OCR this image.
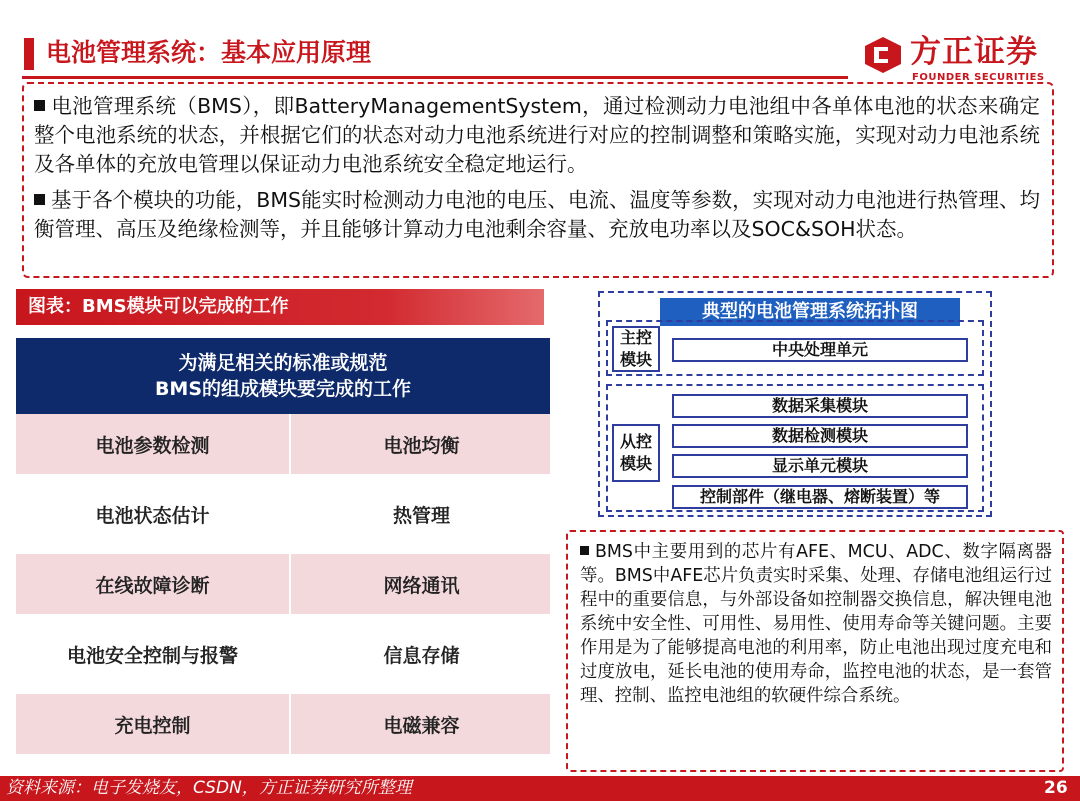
电池管理系统：基本应用原理	方正证券
FOUNDER SECURITIES

电池管理系统（BMS），即BatteryManagementSystem，通过检测动力电池组中各单体电池的状态来确定整个电池系统的状态，并根据它们的状态对动力电池系统进行对应的控制调整和策略实施，实现对动力电池系统及各单体的充放电管理以保证动力电池系统安全稳定地运行。

基于各个模块的功能，BMS能实时检测动力电池的电压、电流、温度等参数，实现对动力电池进行热管理、均衡管理、高压及绝缘检测等，并且能够计算动力电池剩余容量、充放电功率以及SOC&SOH状态。

图表：BMS模块可以完成的工作
为满足相关的标准或规范
BMS的组成模块要完成的工作
电池参数检测	电池均衡
电池状态估计	热管理
在线故障诊断	网络通讯
电池安全控制与报警	信息存储
充电控制	电磁兼容
典型的电池管理系统拓扑图
主控模块
中央处理单元
从控模块
数据采集模块
数据检测模块
显示单元模块
控制部件（继电器、熔断装置）等

BMS中主要用到的芯片有AFE、MCU、ADC、数字隔离器等。BMS中AFE芯片负责实时采集、处理、存储电池组运行过程中的重要信息，与外部设备如控制器交换信息，解决锂电池系统中安全性、可用性、易用性、使用寿命等关键问题。主要作用是为了能够提高电池的利用率，防止电池出现过度充电和过度放电，延长电池的使用寿命，监控电池的状态，是一套管理、控制、监控电池组的软硬件综合系统。

资料来源：电子发烧友，CSDN，方正证券研究所整理	26
